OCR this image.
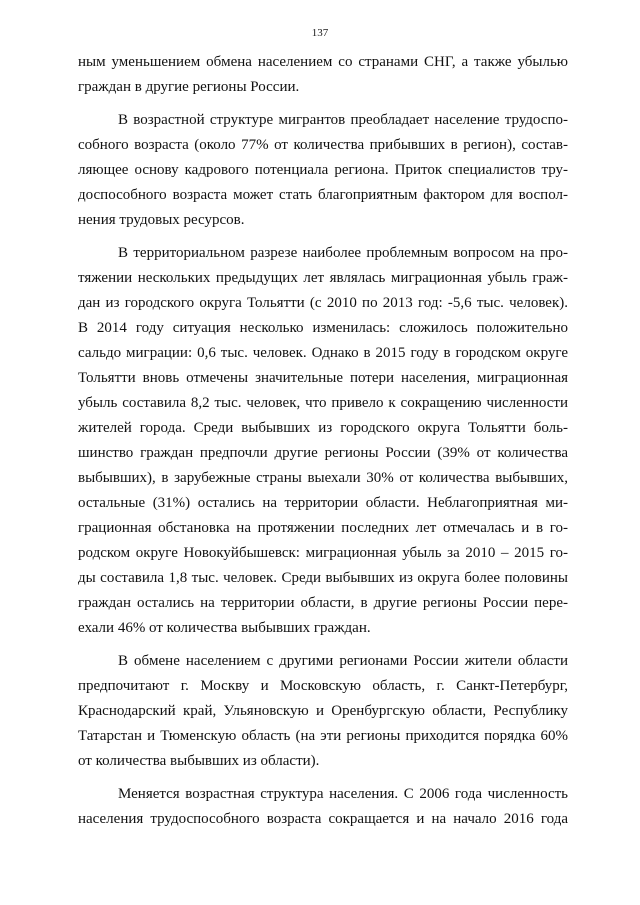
137
ным уменьшением обмена населением со странами СНГ, а также убылью
граждан в другие регионы России.
В возрастной структуре мигрантов преобладает население трудоспо-
собного возраста (около 77% от количества прибывших в регион), состав-
ляющее основу кадрового потенциала региона. Приток специалистов тру-
доспособного возраста может стать благоприятным фактором для воспол-
нения трудовых ресурсов.
В территориальном разрезе наиболее проблемным вопросом на про-
тяжении нескольких предыдущих лет являлась миграционная убыль граж-
дан из городского округа Тольятти (с 2010 по 2013 год: -5,6 тыс. человек).
В 2014 году ситуация несколько изменилась: сложилось положительно
сальдо миграции: 0,6 тыс. человек. Однако в 2015 году в городском округе
Тольятти вновь отмечены значительные потери населения, миграционная
убыль составила 8,2 тыс. человек, что привело к сокращению численности
жителей города. Среди выбывших из городского округа Тольятти боль-
шинство граждан предпочли другие регионы России (39% от количества
выбывших), в зарубежные страны выехали 30% от количества выбывших,
остальные (31%) остались на территории области. Неблагоприятная ми-
грационная обстановка на протяжении последних лет отмечалась и в го-
родском округе Новокуйбышевск: миграционная убыль за 2010 – 2015 го-
ды составила 1,8 тыс. человек. Среди выбывших из округа более половины
граждан остались на территории области, в другие регионы России пере-
ехали 46% от количества выбывших граждан.
В обмене населением с другими регионами России жители области
предпочитают г. Москву и Московскую область, г. Санкт-Петербург,
Краснодарский край, Ульяновскую и Оренбургскую области, Республику
Татарстан и Тюменскую область (на эти регионы приходится порядка 60%
от количества выбывших из области).
Меняется возрастная структура населения. С 2006 года численность
населения трудоспособного возраста сокращается и на начало 2016 года
